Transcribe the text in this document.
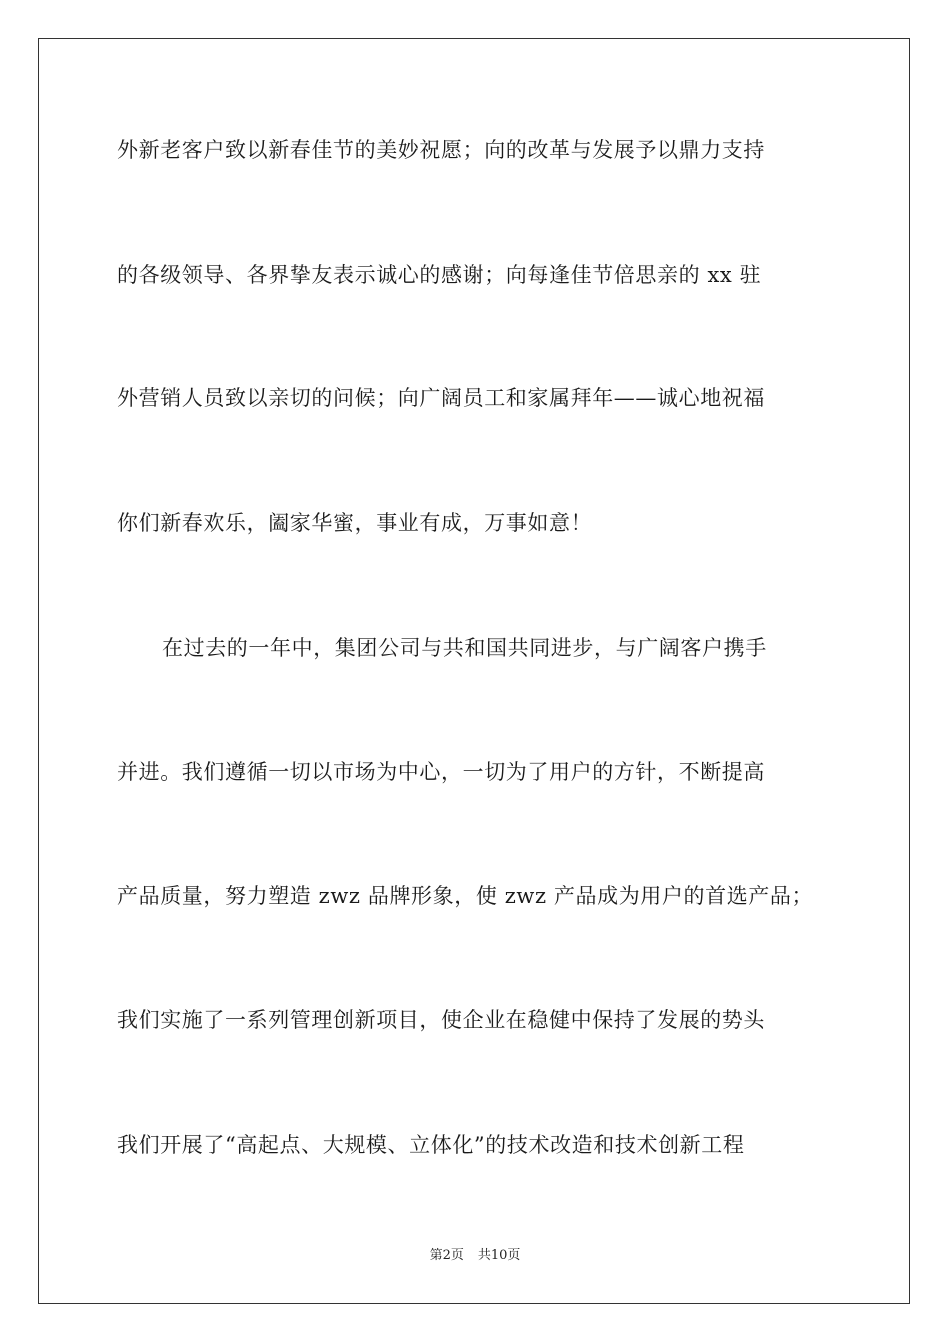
外新老客户致以新春佳节的美妙祝愿；向的改革与发展予以鼎力支持
的各级领导、各界挚友表示诚心的感谢；向每逢佳节倍思亲的 xx 驻
外营销人员致以亲切的问候；向广阔员工和家属拜年——诚心地祝福
你们新春欢乐，阖家华蜜，事业有成，万事如意！
在过去的一年中，集团公司与共和国共同进步，与广阔客户携手
并进。我们遵循一切以市场为中心，一切为了用户的方针，不断提高
产品质量，努力塑造 zwz 品牌形象，使 zwz 产品成为用户的首选产品；
我们实施了一系列管理创新项目，使企业在稳健中保持了发展的势头
我们开展了“高起点、大规模、立体化”的技术改造和技术创新工程
第2页 共10页
